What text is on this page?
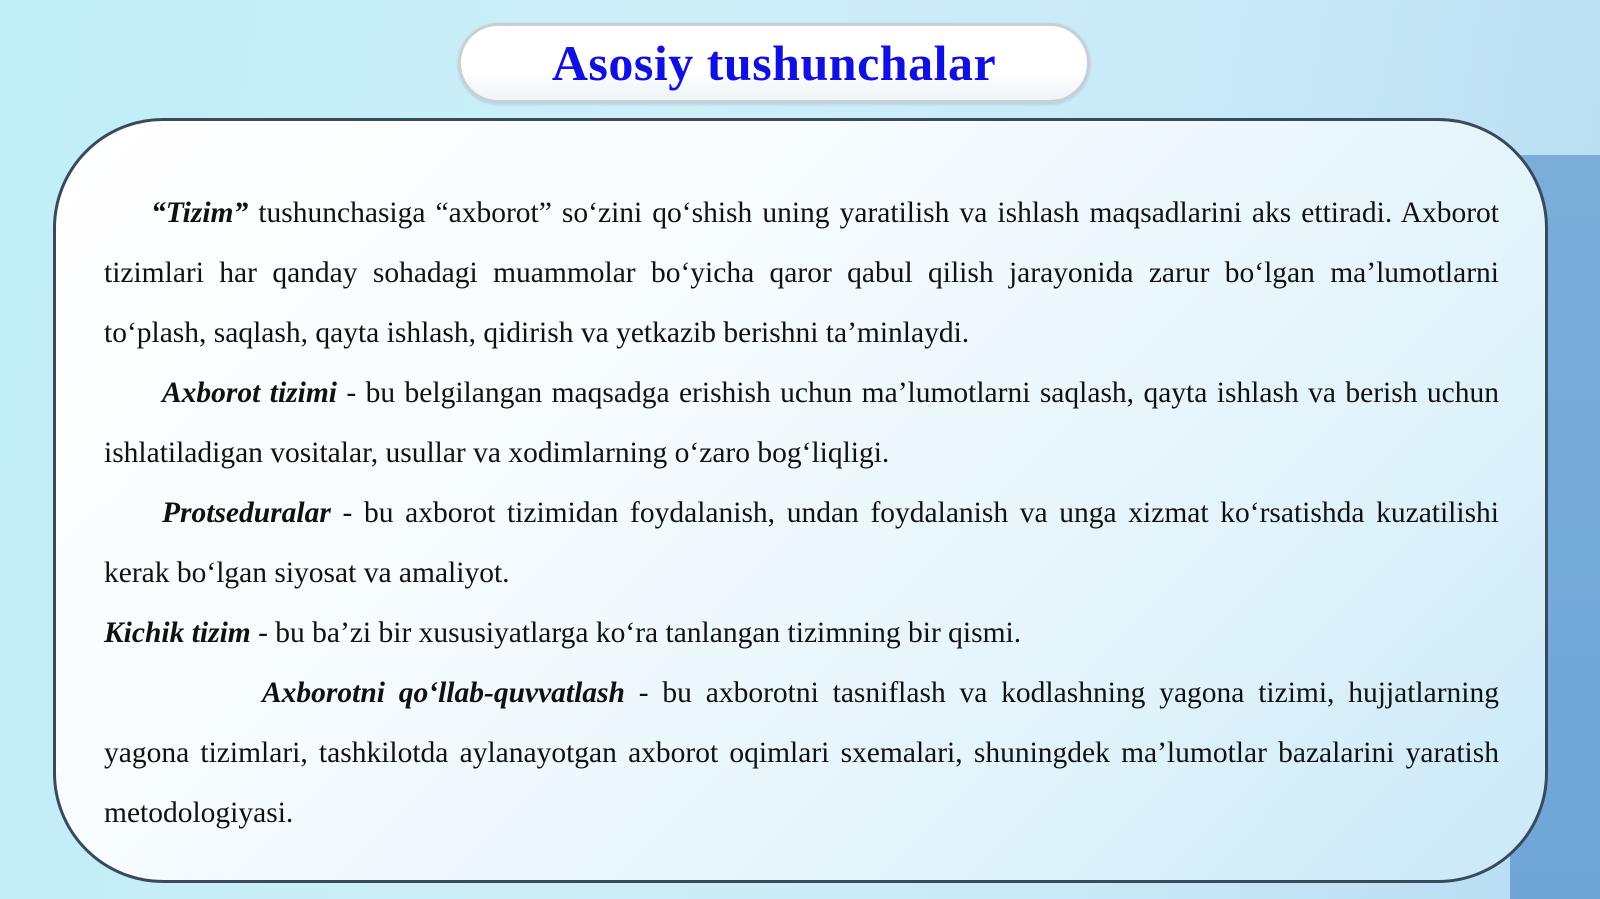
Asosiy tushunchalar

“Tizim” tushunchasiga “axborot” so‘zini qo‘shish uning yaratilish va ishlash maqsadlarini aks ettiradi. Axborot tizimlari har qanday sohadagi muammolar bo‘yicha qaror qabul qilish jarayonida zarur bo‘lgan ma’lumotlarni to‘plash, saqlash, qayta ishlash, qidirish va yetkazib berishni ta’minlaydi.

Axborot tizimi - bu belgilangan maqsadga erishish uchun ma’lumotlarni saqlash, qayta ishlash va berish uchun ishlatiladigan vositalar, usullar va xodimlarning o‘zaro bog‘liqligi.

Protseduralar - bu axborot tizimidan foydalanish, undan foydalanish va unga xizmat ko‘rsatishda kuzatilishi kerak bo‘lgan siyosat va amaliyot.

Kichik tizim - bu ba’zi bir xususiyatlarga ko‘ra tanlangan tizimning bir qismi.

Axborotni qo‘llab-quvvatlash - bu axborotni tasniflash va kodlashning yagona tizimi, hujjatlarning yagona tizimlari, tashkilotda aylanayotgan axborot oqimlari sxemalari, shuningdek ma’lumotlar bazalarini yaratish metodologiyasi.
